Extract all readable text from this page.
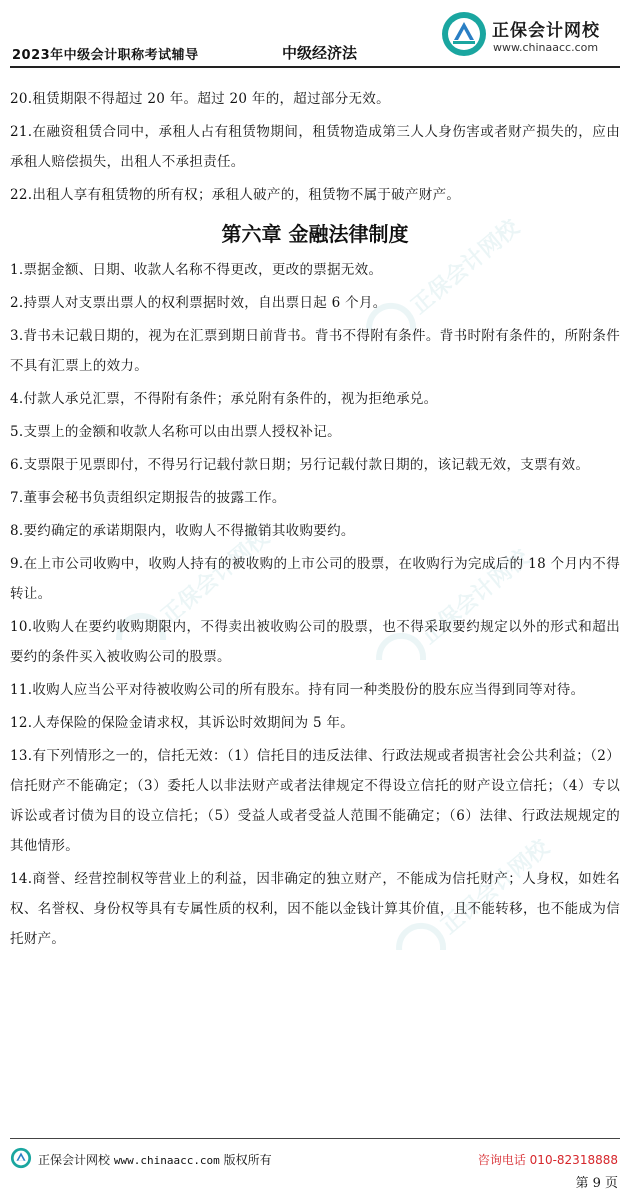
2023年中级会计职称考试辅导	中级经济法
正保会计网校
www.chinaacc.com
正保会计网校
正保会计网校	正保会计网校
正保会计网校

20.租赁期限不得超过 20 年。超过 20 年的，超过部分无效。

21.在融资租赁合同中，承租人占有租赁物期间，租赁物造成第三人人身伤害或者财产损失的，应由承租人赔偿损失，出租人不承担责任。

22.出租人享有租赁物的所有权；承租人破产的，租赁物不属于破产财产。

第六章 金融法律制度

1.票据金额、日期、收款人名称不得更改，更改的票据无效。

2.持票人对支票出票人的权利票据时效，自出票日起 6 个月。

3.背书未记载日期的，视为在汇票到期日前背书。背书不得附有条件。背书时附有条件的，所附条件不具有汇票上的效力。

4.付款人承兑汇票，不得附有条件；承兑附有条件的，视为拒绝承兑。

5.支票上的金额和收款人名称可以由出票人授权补记。

6.支票限于见票即付，不得另行记载付款日期；另行记载付款日期的，该记载无效，支票有效。

7.董事会秘书负责组织定期报告的披露工作。

8.要约确定的承诺期限内，收购人不得撤销其收购要约。

9.在上市公司收购中，收购人持有的被收购的上市公司的股票，在收购行为完成后的 18 个月内不得转让。

10.收购人在要约收购期限内，不得卖出被收购公司的股票，也不得采取要约规定以外的形式和超出要约的条件买入被收购公司的股票。

11.收购人应当公平对待被收购公司的所有股东。持有同一种类股份的股东应当得到同等对待。

12.人寿保险的保险金请求权，其诉讼时效期间为 5 年。

13.有下列情形之一的，信托无效：（1）信托目的违反法律、行政法规或者损害社会公共利益；（2）信托财产不能确定；（3）委托人以非法财产或者法律规定不得设立信托的财产设立信托；（4）专以诉讼或者讨债为目的设立信托；（5）受益人或者受益人范围不能确定；（6）法律、行政法规规定的其他情形。

14.商誉、经营控制权等营业上的利益，因非确定的独立财产，不能成为信托财产；人身权，如姓名权、名誉权、身份权等具有专属性质的权利，因不能以金钱计算其价值，且不能转移，也不能成为信托财产。

正保会计网校 www.chinaacc.com 版权所有	咨询电话 010-82318888
第 9 页
